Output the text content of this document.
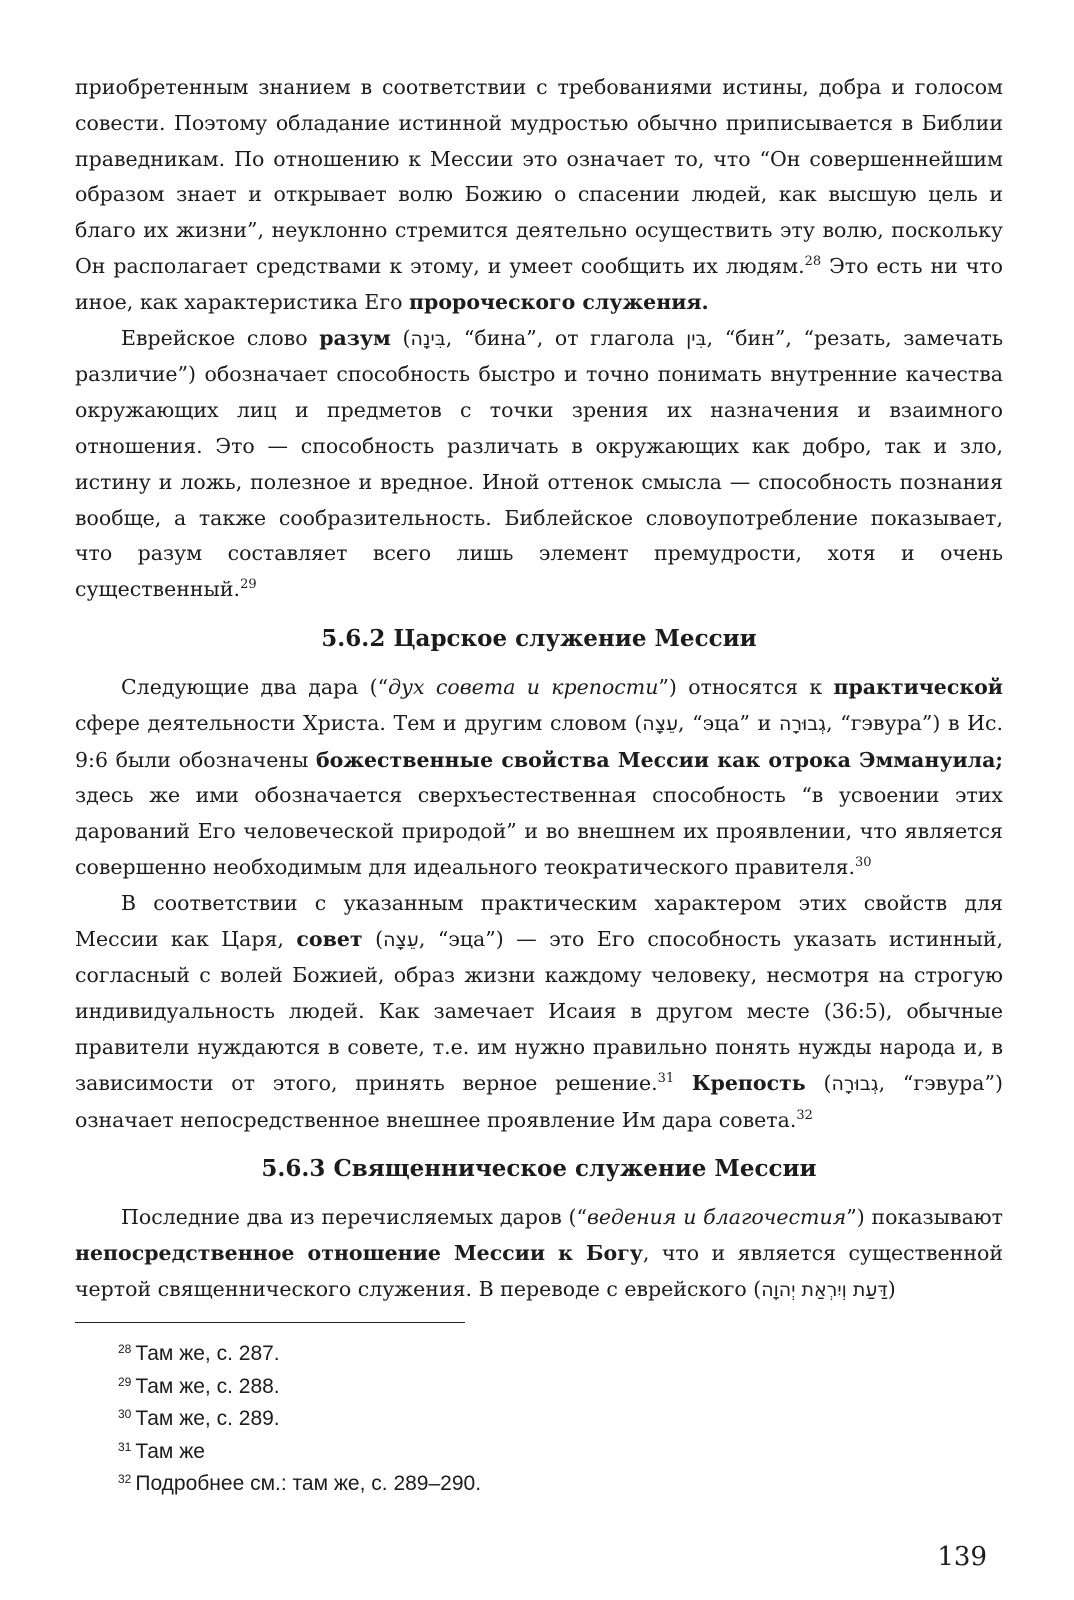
приобретенным знанием в соответствии с требованиями истины, добра и голосом совести. Поэтому обладание истинной мудростью обычно приписывается в Библии праведникам. По отношению к Мессии это означает то, что “Он совершеннейшим образом знает и открывает волю Божию о спасении людей, как высшую цель и благо их жизни”, неуклонно стремится деятельно осуществить эту волю, поскольку Он располагает средствами к этому, и умеет сообщить их людям.$^{28}$ Это есть ни что иное, как характеристика Его пророческого служения.

Еврейское слово разум (בִּינָה, “бина”, от глагола בִּין, “бин”, “резать, замечать различие”) обозначает способность быстро и точно понимать внутренние качества окружающих лиц и предметов с точки зрения их назначения и взаимного отношения. Это — способность различать в окружающих как добро, так и зло, истину и ложь, полезное и вредное. Иной оттенок смысла — способность познания вообще, а также сообразительность. Библейское словоупотребление показывает, что разум составляет всего лишь элемент премудрости, хотя и очень существенный.$^{29}$

5.6.2 Царское служение Мессии

Следующие два дара (“дух совета и крепости”) относятся к практической сфере деятельности Христа. Тем и другим словом (עֵצָה, “эца” и גְבוּרָה, “гэвура”) в Ис. 9:6 были обозначены божественные свойства Мессии как отрока Эммануила; здесь же ими обозначается сверхъестественная способность “в усвоении этих дарований Его человеческой природой” и во внешнем их проявлении, что является совершенно необходимым для идеального теократического правителя.$^{30}$

В соответствии с указанным практическим характером этих свойств для Мессии как Царя, совет (עֵצָה, “эца”) — это Его способность указать истинный, согласный с волей Божией, образ жизни каждому человеку, несмотря на строгую индивидуальность людей. Как замечает Исаия в другом месте (36:5), обычные правители нуждаются в совете, т.е. им нужно правильно понять нужды народа и, в зависимости от этого, принять верное решение.$^{31}$ Крепость (גְבוּרָה, “гэвура”) означает непосредственное внешнее проявление Им дара совета.$^{32}$

5.6.3 Священническое служение Мессии

Последние два из перечисляемых даров (“ведения и благочестия”) показывают непосредственное отношение Мессии к Богу, что и является существенной чертой священнического служения. В переводе с еврейского (דַּעַת וְיִרְאַת יְהוָה)

$^{28}$ Там же, с. 287.
$^{29}$ Там же, с. 288.
$^{30}$ Там же, с. 289.
$^{31}$ Там же
$^{32}$ Подробнее см.: там же, с. 289–290.
139
